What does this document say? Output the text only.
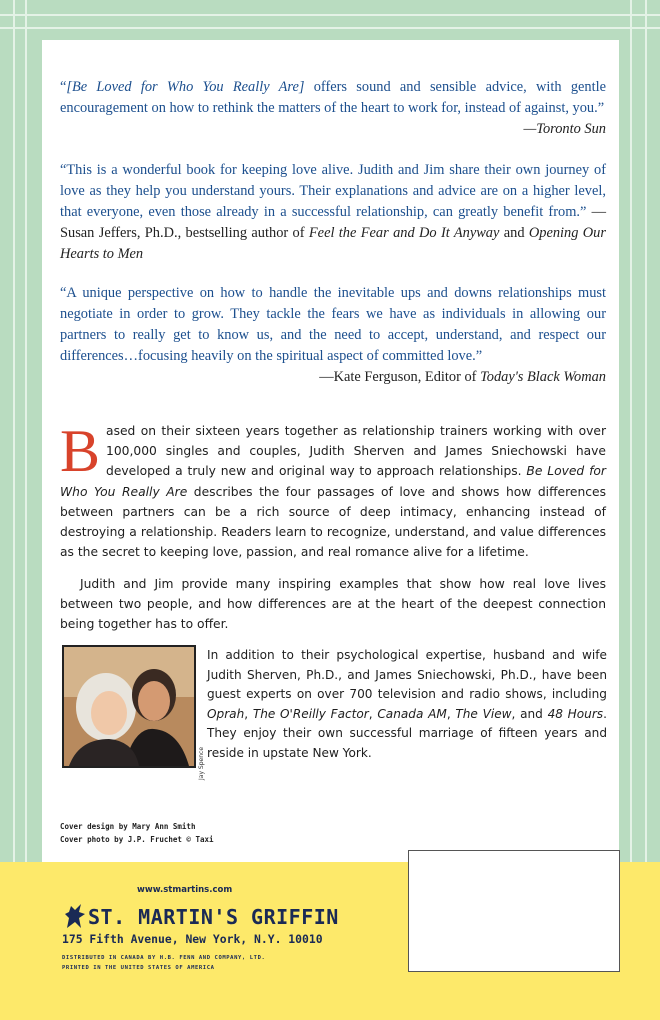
“[Be Loved for Who You Really Are] offers sound and sensible advice, with gentle encouragement on how to rethink the matters of the heart to work for, instead of against, you.”
—Toronto Sun
“This is a wonderful book for keeping love alive. Judith and Jim share their own journey of love as they help you understand yours. Their explanations and advice are on a higher level, that everyone, even those already in a successful relationship, can greatly benefit from.” —Susan Jeffers, Ph.D., bestselling author of Feel the Fear and Do It Anyway and Opening Our Hearts to Men
“A unique perspective on how to handle the inevitable ups and downs relationships must negotiate in order to grow. They tackle the fears we have as individuals in allowing our partners to really get to know us, and the need to accept, understand, and respect our differences…focusing heavily on the spiritual aspect of committed love.”
—Kate Ferguson, Editor of Today's Black Woman
Based on their sixteen years together as relationship trainers working with over 100,000 singles and couples, Judith Sherven and James Sniechowski have developed a truly new and original way to approach relationships. Be Loved for Who You Really Are describes the four passages of love and shows how differences between partners can be a rich source of deep intimacy, enhancing instead of destroying a relationship. Readers learn to recognize, understand, and value differences as the secret to keeping love, passion, and real romance alive for a lifetime.
Judith and Jim provide many inspiring examples that show how real love lives between two people, and how differences are at the heart of the deepest connection being together has to offer.
Jay Spence
In addition to their psychological expertise, husband and wife Judith Sherven, Ph.D., and James Sniechowski, Ph.D., have been guest experts on over 700 television and radio shows, including Oprah, The O'Reilly Factor, Canada AM, The View, and 48 Hours. They enjoy their own successful marriage of fifteen years and reside in upstate New York.
Cover design by Mary Ann Smith
Cover photo by J.P. Fruchet © Taxi
www.stmartins.com
ST. MARTIN'S GRIFFIN
175 Fifth Avenue, New York, N.Y. 10010
DISTRIBUTED IN CANADA BY H.B. FENN AND COMPANY, LTD.
PRINTED IN THE UNITED STATES OF AMERICA
